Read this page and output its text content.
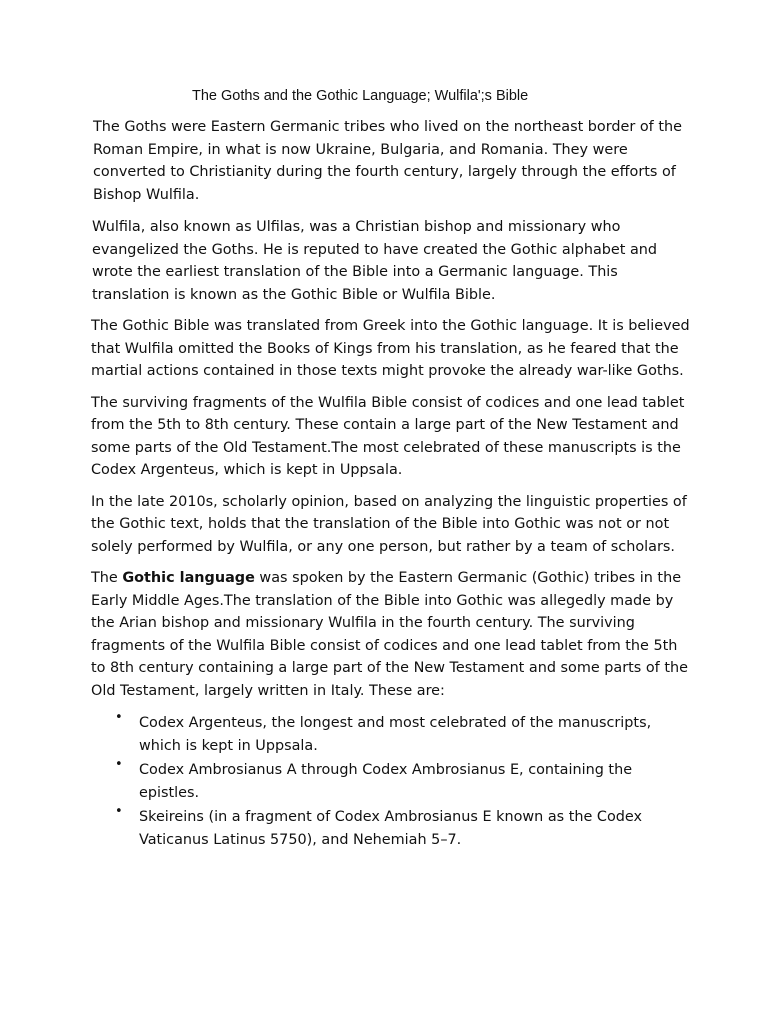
The Goths and the Gothic Language; Wulfila';s Bible

The Goths were Eastern Germanic tribes who lived on the northeast border of the Roman Empire, in what is now Ukraine, Bulgaria, and Romania. They were converted to Christianity during the fourth century, largely through the efforts of Bishop Wulfila.

Wulfila, also known as Ulfilas, was a Christian bishop and missionary who evangelized the Goths. He is reputed to have created the Gothic alphabet and wrote the earliest translation of the Bible into a Germanic language. This translation is known as the Gothic Bible or Wulfila Bible.

The Gothic Bible was translated from Greek into the Gothic language. It is believed that Wulfila omitted the Books of Kings from his translation, as he feared that the martial actions contained in those texts might provoke the already war-like Goths.

The surviving fragments of the Wulfila Bible consist of codices and one lead tablet from the 5th to 8th century. These contain a large part of the New Testament and some parts of the Old Testament.The most celebrated of these manuscripts is the Codex Argenteus, which is kept in Uppsala.

In the late 2010s, scholarly opinion, based on analyzing the linguistic properties of the Gothic text, holds that the translation of the Bible into Gothic was not or not solely performed by Wulfila, or any one person, but rather by a team of scholars.

The Gothic language was spoken by the Eastern Germanic (Gothic) tribes in the Early Middle Ages.The translation of the Bible into Gothic was allegedly made by the Arian bishop and missionary Wulfila in the fourth century. The surviving fragments of the Wulfila Bible consist of codices and one lead tablet from the 5th to 8th century containing a large part of the New Testament and some parts of the Old Testament, largely written in Italy. These are:

• Codex Argenteus, the longest and most celebrated of the manuscripts, which is kept in Uppsala.
• Codex Ambrosianus A through Codex Ambrosianus E, containing the epistles.
• Skeireins (in a fragment of Codex Ambrosianus E known as the Codex Vaticanus Latinus 5750), and Nehemiah 5–7.
